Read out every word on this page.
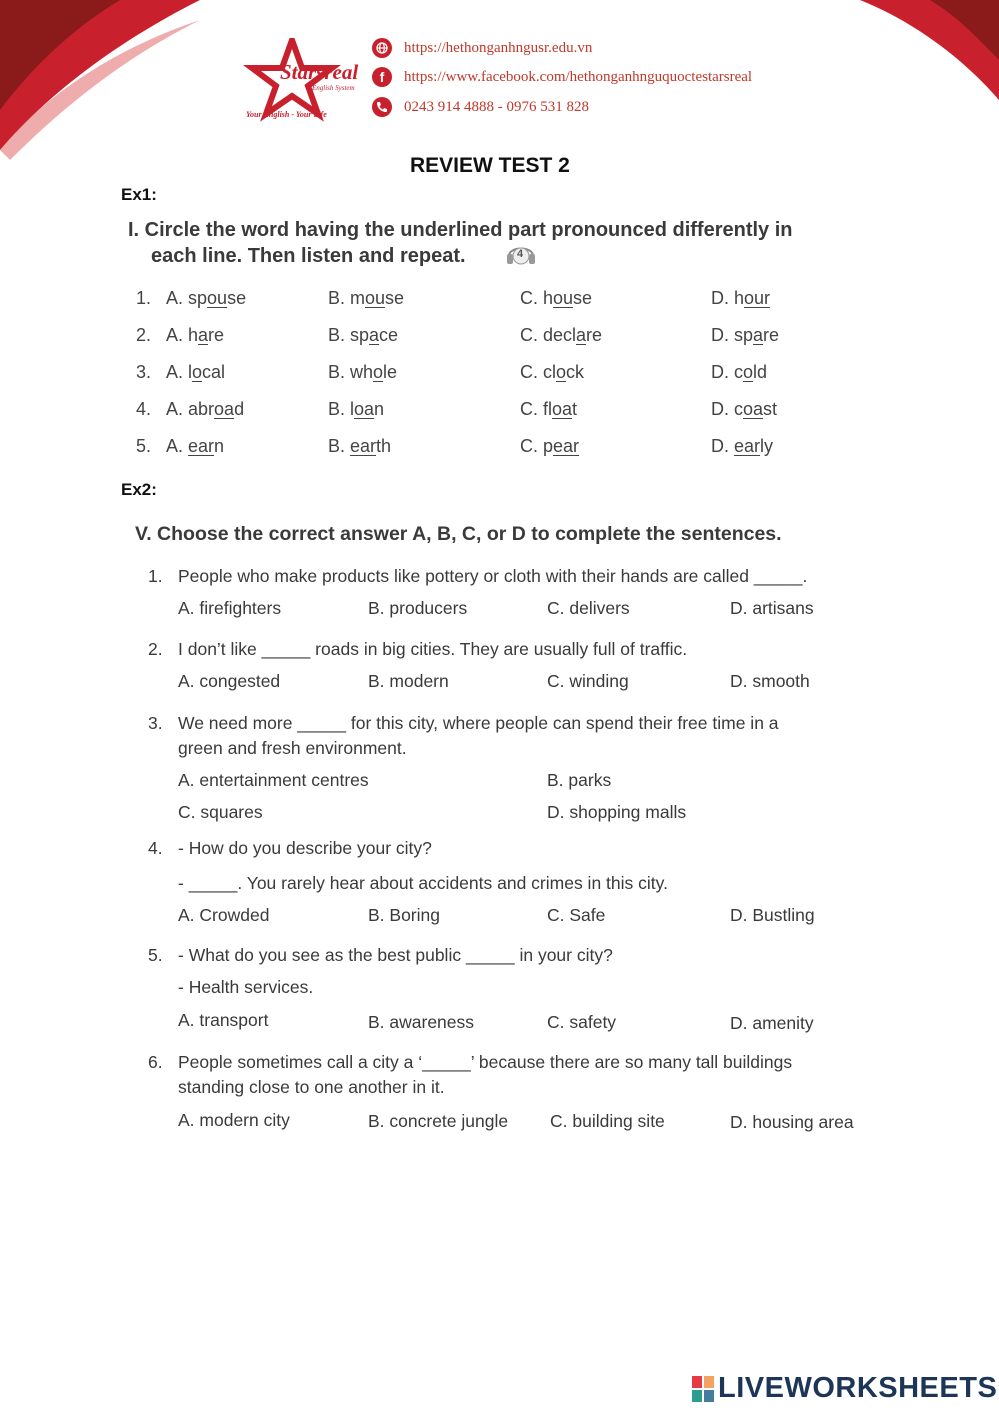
Starsreal
English System
Your English - Your Life
https://hethonganhngusr.edu.vn
f https://www.facebook.com/hethonganhnguquoctestarsreal
0243 914 4888 - 0976 531 828
REVIEW TEST 2
Ex1:
I. Circle the word having the underlined part pronounced differently in
each line. Then listen and repeat.	4
1. A. spouse	B. mouse	C. house	D. hour
2. A. hare	B. space	C. declare	D. spare
3. A. local	B. whole	C. clock	D. cold
4. A. abroad	B. loan	C. float	D. coast
5. A. earn	B. earth	C. pear	D. early
Ex2:
V. Choose the correct answer A, B, C, or D to complete the sentences.
1. People who make products like pottery or cloth with their hands are called _____.
A. firefighters	B. producers	C. delivers	D. artisans
2. I don’t like _____ roads in big cities. They are usually full of traffic.
A. congested	B. modern	C. winding	D. smooth
3. We need more _____ for this city, where people can spend their free time in a
green and fresh environment.
A. entertainment centres	B. parks
C. squares	D. shopping malls
4. - How do you describe your city?
- _____. You rarely hear about accidents and crimes in this city.
A. Crowded	B. Boring	C. Safe	D. Bustling
5. - What do you see as the best public _____ in your city?
- Health services.
A. transport	B. awareness	C. safety	D. amenity
6. People sometimes call a city a ‘_____’ because there are so many tall buildings
standing close to one another in it.
A. modern city	B. concrete jungle C. building site	D. housing area
LIVEWORKSHEETS
